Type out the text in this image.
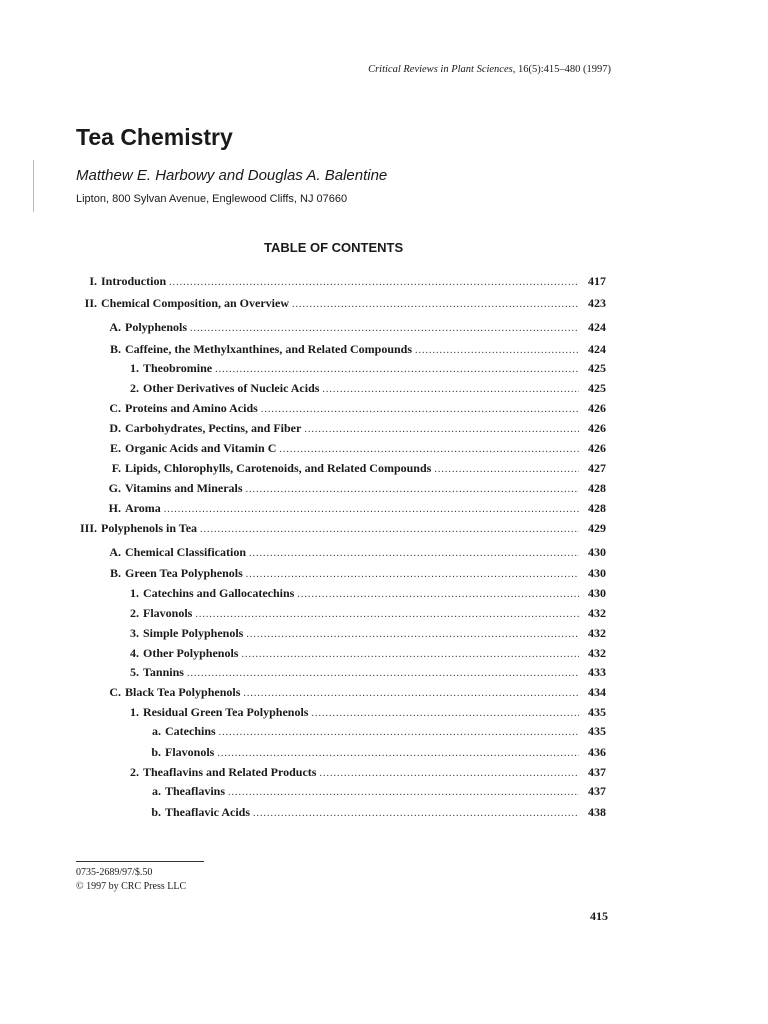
Critical Reviews in Plant Sciences, 16(5):415–480 (1997)
Tea Chemistry
Matthew E. Harbowy and Douglas A. Balentine
Lipton, 800 Sylvan Avenue, Englewood Cliffs, NJ 07660
TABLE OF CONTENTS
I. Introduction .....	417
II. Chemical Composition, an Overview .....	423
A. Polyphenols .....	424
B. Caffeine, the Methylxanthines, and Related Compounds .....	424
1. Theobromine .....	425
2. Other Derivatives of Nucleic Acids .....	425
C. Proteins and Amino Acids .....	426
D. Carbohydrates, Pectins, and Fiber .....	426
E. Organic Acids and Vitamin C .....	426
F. Lipids, Chlorophylls, Carotenoids, and Related Compounds .....	427
G. Vitamins and Minerals .....	428
H. Aroma .....	428
III. Polyphenols in Tea .....	429
A. Chemical Classification .....	430
B. Green Tea Polyphenols .....	430
1. Catechins and Gallocatechins .....	430
2. Flavonols .....	432
3. Simple Polyphenols .....	432
4. Other Polyphenols .....	432
5. Tannins .....	433
C. Black Tea Polyphenols .....	434
1. Residual Green Tea Polyphenols .....	435
a. Catechins .....	435
b. Flavonols .....	436
2. Theaflavins and Related Products .....	437
a. Theaflavins .....	437
b. Theaflavic Acids .....	438
0735-2689/97/$.50
© 1997 by CRC Press LLC
415
